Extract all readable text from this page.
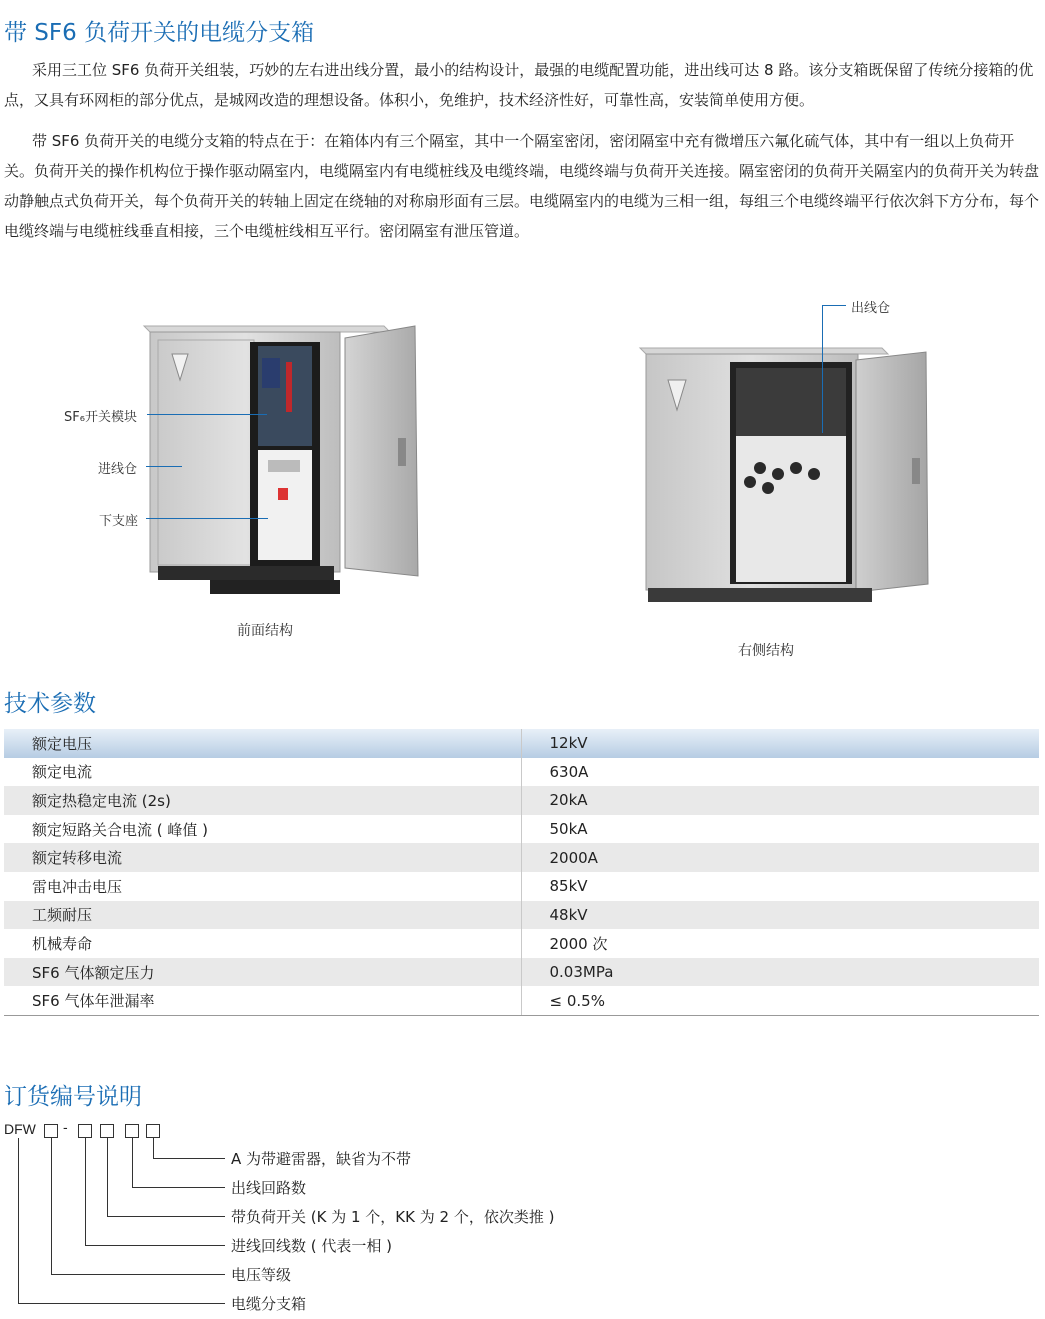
带 SF6 负荷开关的电缆分支箱

采用三工位 SF6 负荷开关组装，巧妙的左右进出线分置，最小的结构设计，最强的电缆配置功能，进出线可达 8 路。该分支箱既保留了传统分接箱的优点，又具有环网柜的部分优点，是城网改造的理想设备。体积小，免维护，技术经济性好，可靠性高，安装简单使用方便。

带 SF6 负荷开关的电缆分支箱的特点在于：在箱体内有三个隔室，其中一个隔室密闭，密闭隔室中充有微增压六氟化硫气体，其中有一组以上负荷开关。负荷开关的操作机构位于操作驱动隔室内，电缆隔室内有电缆桩线及电缆终端，电缆终端与负荷开关连接。隔室密闭的负荷开关隔室内的负荷开关为转盘动静触点式负荷开关，每个负荷开关的转轴上固定在绕轴的对称扇形面有三层。电缆隔室内的电缆为三相一组，每组三个电缆终端平行依次斜下方分布，每个电缆终端与电缆桩线垂直相接，三个电缆桩线相互平行。密闭隔室有泄压管道。

SF₆开关模块
进线仓
下支座
前面结构
出线仓
右侧结构
技术参数
额定电压	12kV
额定电流	630A
额定热稳定电流 (2s)	20kA
额定短路关合电流 ( 峰值 )	50kA
额定转移电流	2000A
雷电冲击电压	85kV
工频耐压	48kV
机械寿命	2000 次
SF6 气体额定压力	0.03MPa
SF6 气体年泄漏率	≤ 0.5%
订货编号说明
DFW -
A 为带避雷器，缺省为不带
出线回路数
带负荷开关 (K 为 1 个，KK 为 2 个，依次类推 )
进线回线数 ( 代表一相 )
电压等级
电缆分支箱
